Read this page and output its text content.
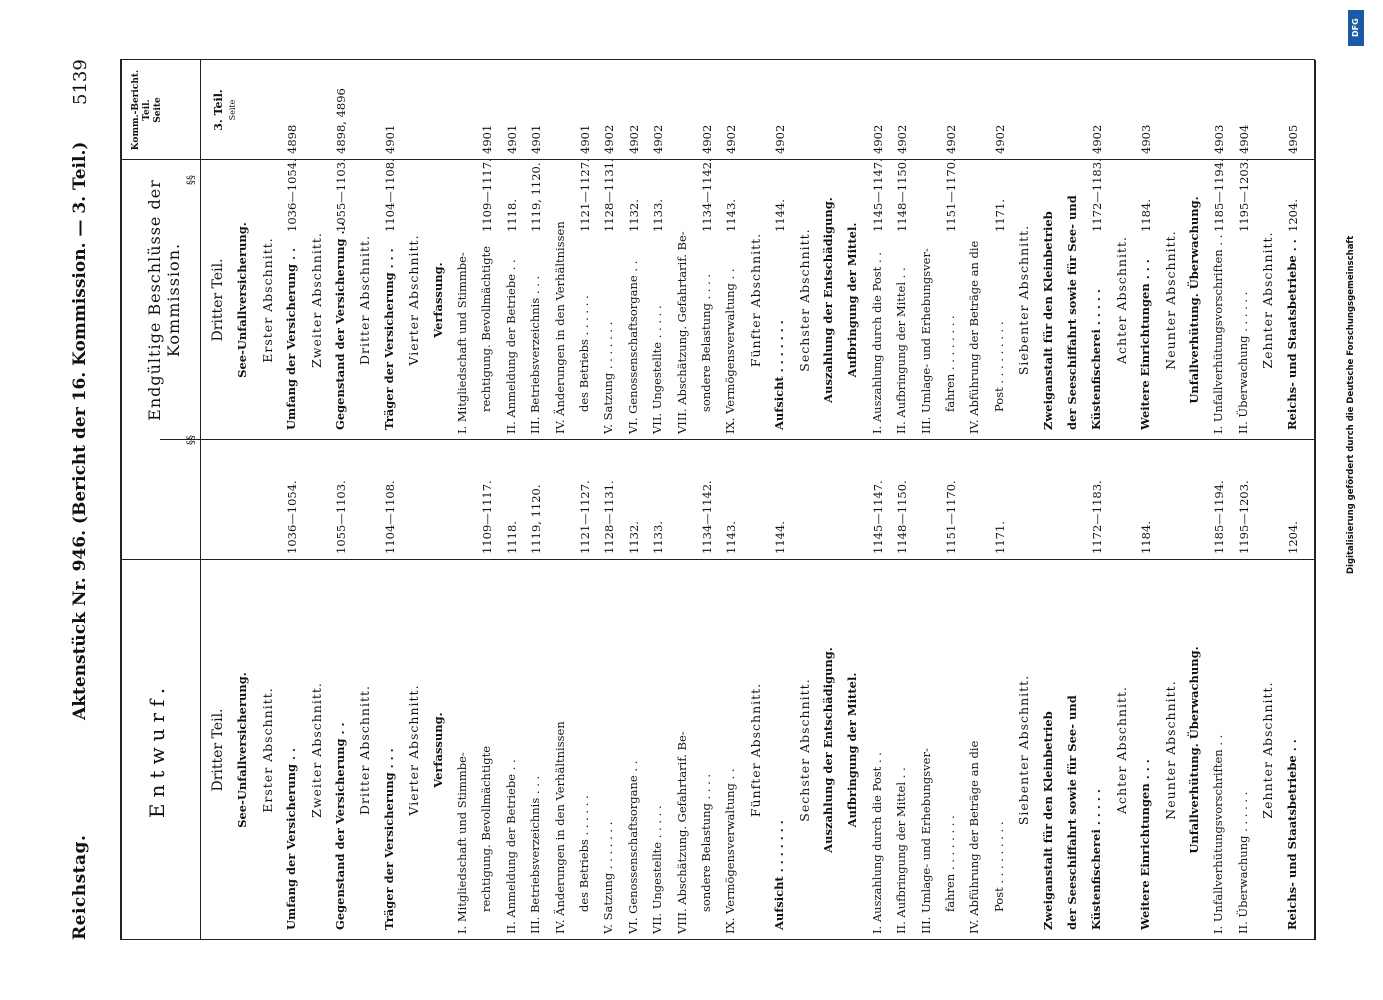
Reichstag.
Aktenstück Nr. 946. (Bericht der 16. Kommission. — 3. Teil.)
5139
Entwurf.
§§
Endgültige Beschlüsse der Kommission.
§§
Komm.-Bericht. Teil. Seite	3. Teil. Seite
Dritter Teil.
Dritter Teil.
See-Unfallversicherung.
See-Unfallversicherung.
Erster Abschnitt.
Erster Abschnitt.
Umfang der Versicherung . .
Umfang der Versicherung . .
1036—1054.
1036—1054.
4898
Zweiter Abschnitt.
Zweiter Abschnitt.
Gegenstand der Versicherung . .
Gegenstand der Versicherung . .
1055—1103.
1055—1103.
4898, 4896
Dritter Abschnitt.
Dritter Abschnitt.
Träger der Versicherung . . .
Träger der Versicherung . . .
1104—1108.
1104—1108.
4901
Vierter Abschnitt.
Vierter Abschnitt.
Verfassung.
Verfassung.
I. Mitgliedschaft und Stimmbe-
I. Mitgliedschaft und Stimmbe-
rechtigung. Bevollmächtigte
rechtigung. Bevollmächtigte
1109—1117.
1109—1117.
4901
II. Anmeldung der Betriebe . .
II. Anmeldung der Betriebe . .
1118.
1118.
4901
III. Betriebsverzeichnis . . .
III. Betriebsverzeichnis . . .
1119, 1120.
1119, 1120.
4901
IV. Änderungen in den Verhältnissen
IV. Änderungen in den Verhältnissen
des Betriebs . . . . . .
des Betriebs . . . . . .
1121—1127.
1121—1127.
4901
V. Satzung . . . . . . .
V. Satzung . . . . . . .
1128—1131.
1128—1131.
4902
VI. Genossenschaftsorgane . .
VI. Genossenschaftsorgane . .
1132.
1132.
4902
VII. Ungestellte . . . . .
VII. Ungestellte . . . . .
1133.
1133.
4902
VIII. Abschätzung. Gefahrtarif. Be-
VIII. Abschätzung. Gefahrtarif. Be-
sondere Belastung . . . .
sondere Belastung . . . .
1134—1142.
1134—1142.
4902
IX. Vermögensverwaltung . .
IX. Vermögensverwaltung . .
1143.
1143.
4902
Fünfter Abschnitt.
Fünfter Abschnitt.
Aufsicht . . . . . . .
Aufsicht . . . . . . .
1144.
1144.
4902
Sechster Abschnitt.
Sechster Abschnitt.
Auszahlung der Entschädigung.
Auszahlung der Entschädigung.
Aufbringung der Mittel.
Aufbringung der Mittel.
I. Auszahlung durch die Post . .
I. Auszahlung durch die Post . .
1145—1147.
1145—1147.
4902
II. Aufbringung der Mittel . .
II. Aufbringung der Mittel . .
1148—1150.
1148—1150.
4902
III. Umlage- und Erhebungsver-
III. Umlage- und Erhebungsver-
fahren . . . . . . . .
fahren . . . . . . . .
1151—1170.
1151—1170.
4902
IV. Abführung der Beträge an die
IV. Abführung der Beträge an die
Post . . . . . . . . .
Post . . . . . . . . .
1171.
1171.
4902
Siebenter Abschnitt.
Siebenter Abschnitt.
Zweiganstalt für den Kleinbetrieb
Zweiganstalt für den Kleinbetrieb
der Seeschiffahrt sowie für See- und
der Seeschiffahrt sowie für See- und
Küstenfischerei . . . . .
Küstenfischerei . . . . .
1172—1183.
1172—1183.
4902
Achter Abschnitt.
Achter Abschnitt.
Weitere Einrichtungen . . .
Weitere Einrichtungen . . .
1184.
1184.
4903
Neunter Abschnitt.
Neunter Abschnitt.
Unfallverhütung. Überwachung.
Unfallverhütung. Überwachung.
I. Unfallverhütungsvorschriften . .
I. Unfallverhütungsvorschriften . .
1185—1194.
1185—1194.
4903
II. Überwachung . . . . . .
II. Überwachung . . . . . .
1195—1203.
1195—1203.
4904
Zehnter Abschnitt.
Zehnter Abschnitt.
Reichs- und Staatsbetriebe . .
Reichs- und Staatsbetriebe . .
1204.
1204.
4905
DFG
Digitalisierung gefördert durch die Deutsche Forschungsgemeinschaft
